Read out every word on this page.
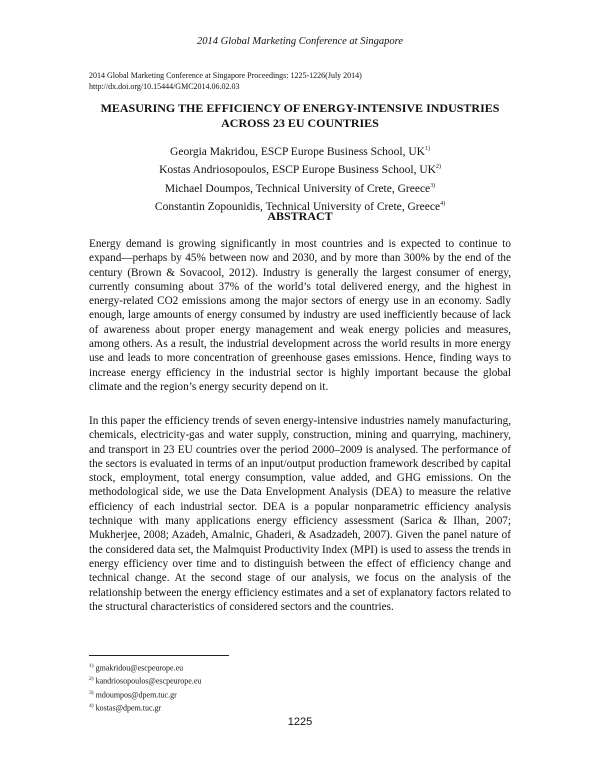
2014 Global Marketing Conference at Singapore
2014 Global Marketing Conference at Singapore Proceedings: 1225-1226(July 2014)
http://dx.doi.org/10.15444/GMC2014.06.02.03
MEASURING THE EFFICIENCY OF ENERGY-INTENSIVE INDUSTRIES
ACROSS 23 EU COUNTRIES
Georgia Makridou, ESCP Europe Business School, UK$^{1)}$
Kostas Andriosopoulos, ESCP Europe Business School, UK$^{2)}$
Michael Doumpos, Technical University of Crete, Greece$^{3)}$
Constantin Zopounidis, Technical University of Crete, Greece$^{4)}$
ABSTRACT

Energy demand is growing significantly in most countries and is expected to continue to expand—perhaps by 45% between now and 2030, and by more than 300% by the end of the century (Brown & Sovacool, 2012). Industry is generally the largest consumer of energy, currently consuming about 37% of the world’s total delivered energy, and the highest in energy-related CO2 emissions among the major sectors of energy use in an economy. Sadly enough, large amounts of energy consumed by industry are used inefficiently because of lack of awareness about proper energy management and weak energy policies and measures, among others. As a result, the industrial development across the world results in more energy use and leads to more concentration of greenhouse gases emissions. Hence, finding ways to increase energy efficiency in the industrial sector is highly important because the global climate and the region’s energy security depend on it.

In this paper the efficiency trends of seven energy-intensive industries namely manufacturing, chemicals, electricity-gas and water supply, construction, mining and quarrying, machinery, and transport in 23 EU countries over the period 2000–2009 is analysed. The performance of the sectors is evaluated in terms of an input/output production framework described by capital stock, employment, total energy consumption, value added, and GHG emissions. On the methodological side, we use the Data Envelopment Analysis (DEA) to measure the relative efficiency of each industrial sector. DEA is a popular nonparametric efficiency analysis technique with many applications energy efficiency assessment (Sarica & Ilhan, 2007; Mukherjee, 2008; Azadeh, Amalnic, Ghaderi, & Asadzadeh, 2007). Given the panel nature of the considered data set, the Malmquist Productivity Index (MPI) is used to assess the trends in energy efficiency over time and to distinguish between the effect of efficiency change and technical change. At the second stage of our analysis, we focus on the analysis of the relationship between the energy efficiency estimates and a set of explanatory factors related to the structural characteristics of considered sectors and the countries.

$^{1)}$ gmakridou@escpeurope.eu
$^{2)}$ kandriosopoulos@escpeurope.eu
$^{3)}$ mdoumpos@dpem.tuc.gr
$^{4)}$ kostas@dpem.tuc.gr
1225
